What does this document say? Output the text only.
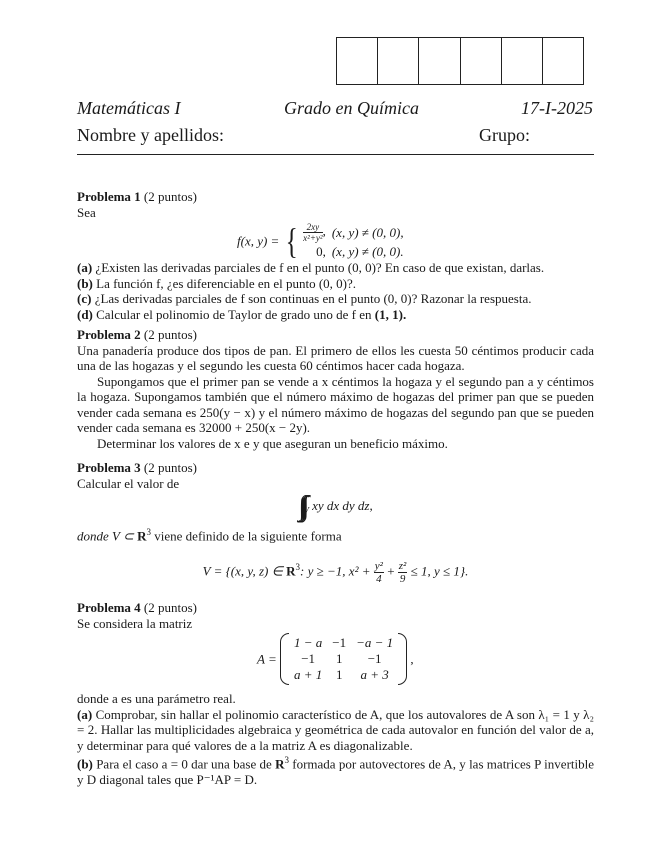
Matemáticas I	Grado en Química	17-I-2025
Nombre y apellidos:	Grupo:

Problema 1 (2 puntos)

Sea

f(x, y) = { $\frac{2xy}{\text{x²+y²}}$ ,	(x, y) ≠ (0, 0),
0,	(x, y) ≠ (0, 0).

(a) ¿Existen las derivadas parciales de f en el punto (0, 0)? En caso de que existan, darlas.

(b) La función f, ¿es diferenciable en el punto (0, 0)?.

(c) ¿Las derivadas parciales de f son continuas en el punto (0, 0)? Razonar la respuesta.

(d) Calcular el polinomio de Taylor de grado uno de f en (1, 1).

Problema 2 (2 puntos)

Una panadería produce dos tipos de pan. El primero de ellos les cuesta 50 céntimos producir cada una de las hogazas y el segundo les cuesta 60 céntimos hacer cada hogaza.

Supongamos que el primer pan se vende a x céntimos la hogaza y el segundo pan a y céntimos la hogaza. Supongamos también que el número máximo de hogazas del primer pan que se pueden vender cada semana es 250(y − x) y el número máximo de hogazas del segundo pan que se pueden vender cada semana es 32000 + 250(x − 2y).

Determinar los valores de x e y que aseguran un beneficio máximo.

Problema 3 (2 puntos)

Calcular el valor de

$\int\int\int_V$ xy dx dy dz,

donde V ⊂ $R^3$ viene definido de la siguiente forma

V = {(x, y, z) ∈ $R^3$: y ≥ −1, $x^2 + \frac{\text{y²}}{4} + \frac{\text{z²}}{9} \le 1$, y ≤ 1}.

Problema 4 (2 puntos)

Se considera la matriz

A =
1 − a	−1	−a − 1
−1	1	−1
a + 1	1	a + 3
,

donde a es una parámetro real.

(a) Comprobar, sin hallar el polinomio característico de A, que los autovalores de A son λ₁ = 1 y λ₂ = 2. Hallar las multiplicidades algebraica y geométrica de cada autovalor en función del valor de a, y determinar para qué valores de a la matriz A es diagonalizable.

(b) Para el caso a = 0 dar una base de $R^3$ formada por autovectores de A, y las matrices P invertible y D diagonal tales que P⁻¹AP = D.
